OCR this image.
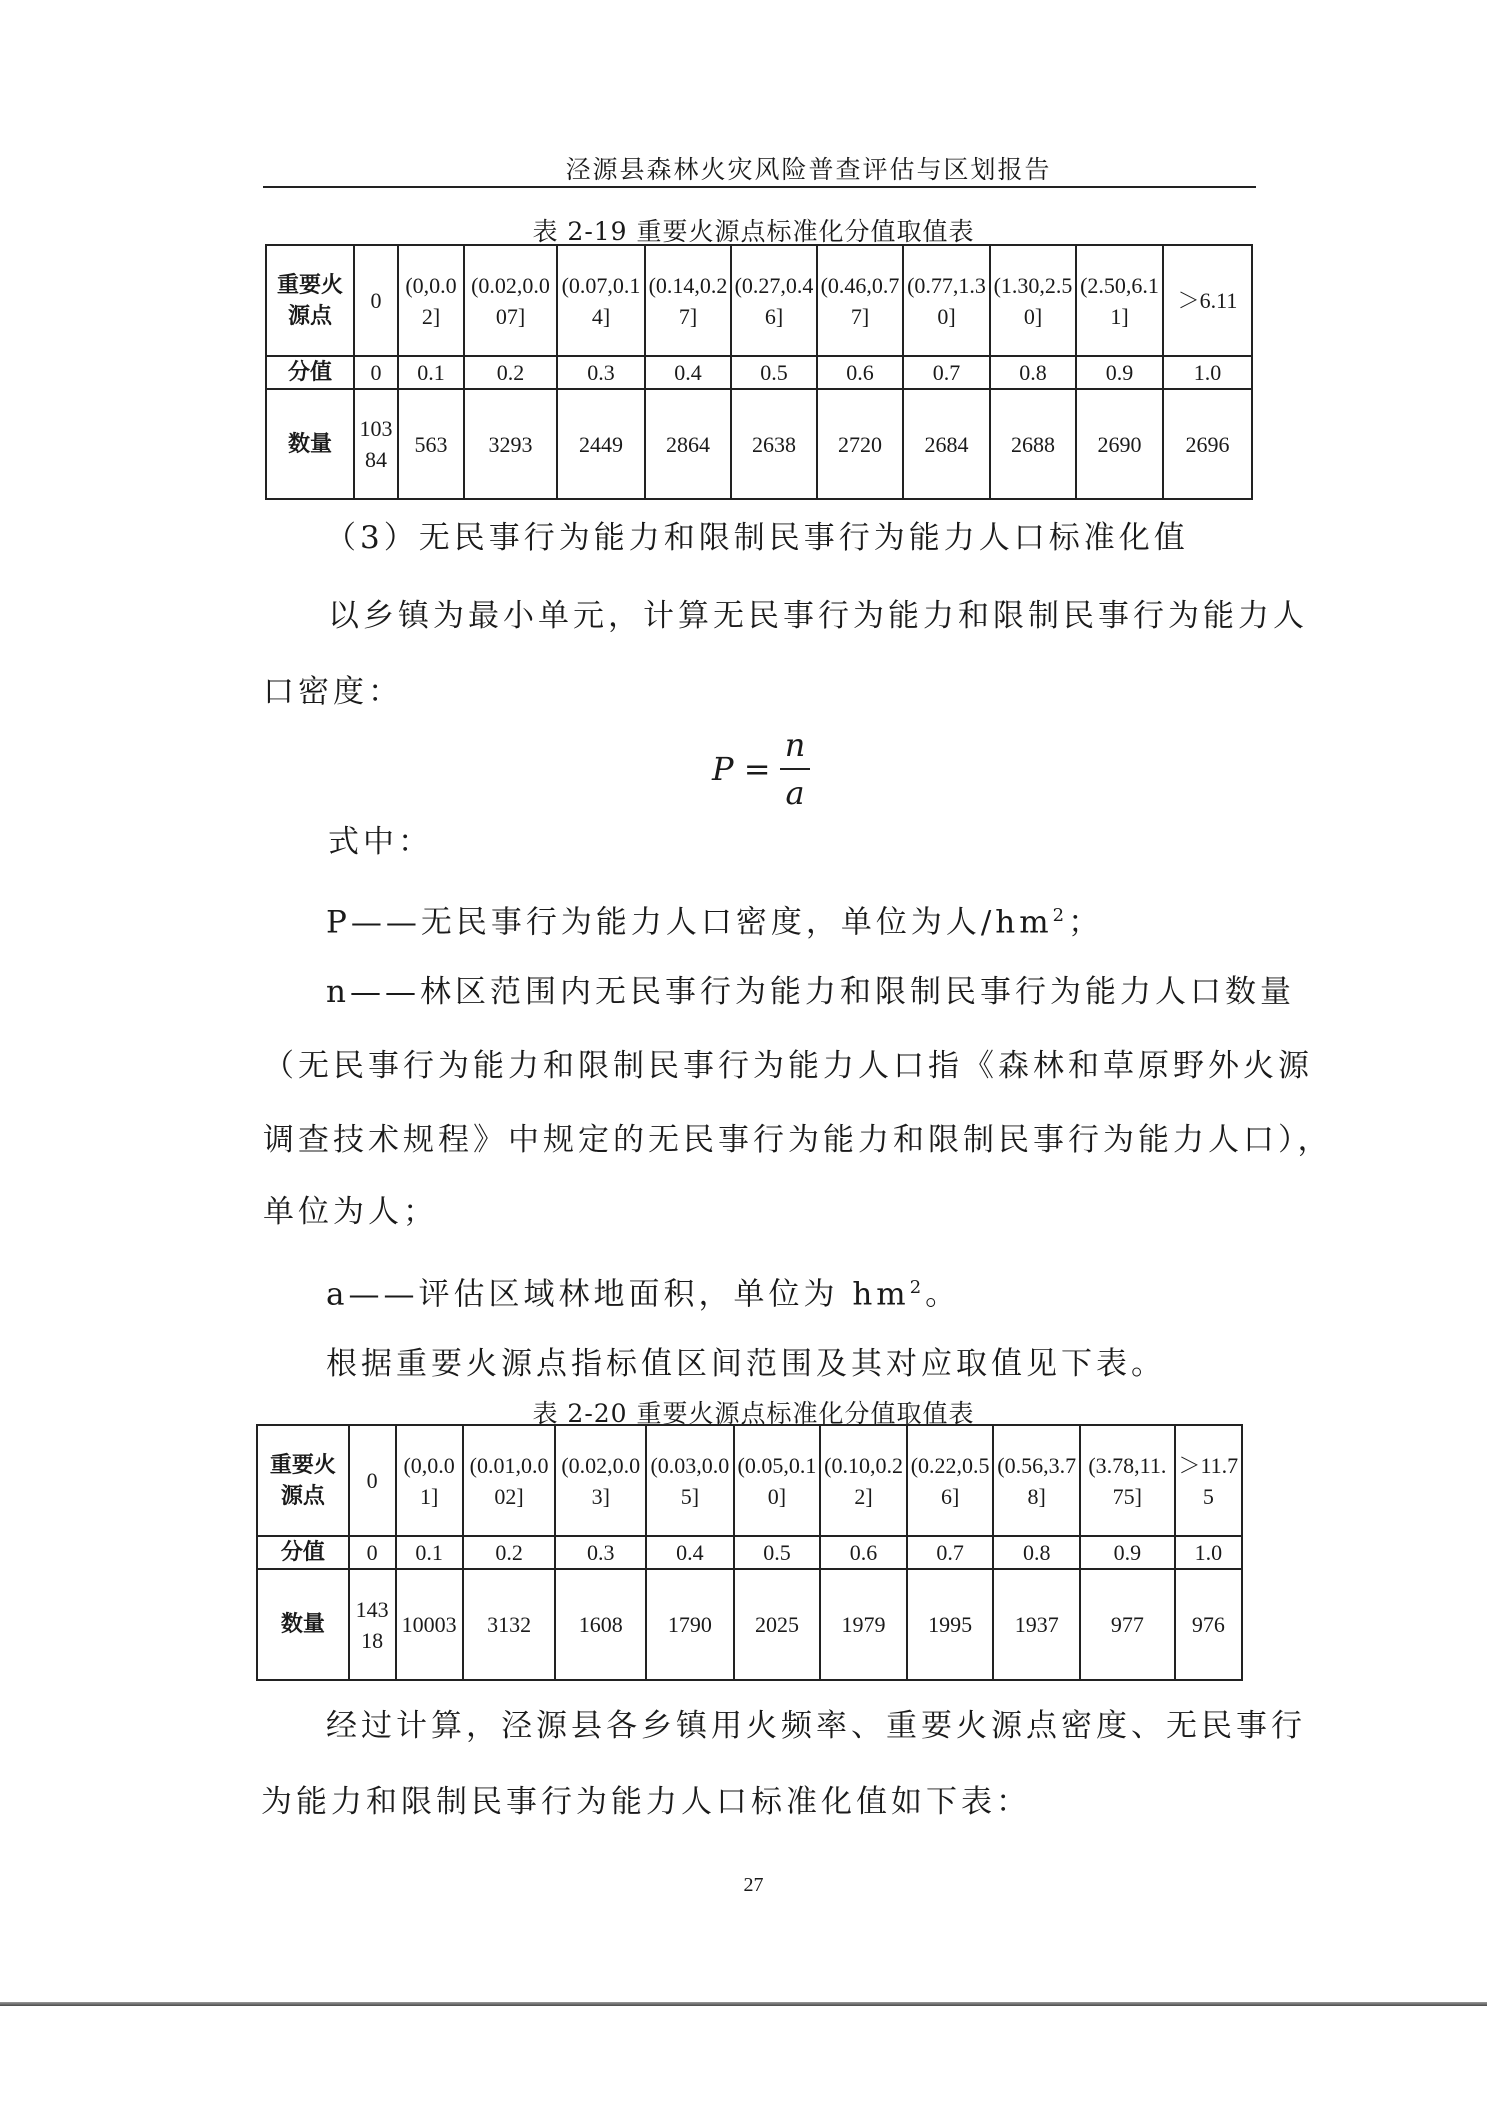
泾源县森林火灾风险普查评估与区划报告
表 2-19 重要火源点标准化分值取值表
重要火源点	0	(0,0.02]	(0.02,0.007]	(0.07,0.14]	(0.14,0.27]	(0.27,0.46]	(0.46,0.77]	(0.77,1.30]	(1.30,2.50]	(2.50,6.11]	＞6.11
分值	0	0.1	0.2	0.3	0.4	0.5	0.6	0.7	0.8	0.9	1.0
数量	10384	563	3293	2449	2864	2638	2720	2684	2688	2690	2696
（3）无民事行为能力和限制民事行为能力人口标准化值
以乡镇为最小单元，计算无民事行为能力和限制民事行为能力人
口密度：
P =
n
a
式中：
P——无民事行为能力人口密度，单位为人$/hm^2$；
n——林区范围内无民事行为能力和限制民事行为能力人口数量
（无民事行为能力和限制民事行为能力人口指《森林和草原野外火源
调查技术规程》中规定的无民事行为能力和限制民事行为能力人口），
单位为人；
a——评估区域林地面积，单位为 $hm^2$。
根据重要火源点指标值区间范围及其对应取值见下表。
表 2-20 重要火源点标准化分值取值表
重要火源点	0	(0,0.01]	(0.01,0.002]	(0.02,0.03]	(0.03,0.05]	(0.05,0.10]	(0.10,0.22]	(0.22,0.56]	(0.56,3.78]	(3.78,11.75]	＞11.75
分值	0	0.1	0.2	0.3	0.4	0.5	0.6	0.7	0.8	0.9	1.0
数量	14318	10003	3132	1608	1790	2025	1979	1995	1937	977	976
经过计算，泾源县各乡镇用火频率、重要火源点密度、无民事行
为能力和限制民事行为能力人口标准化值如下表：
27
